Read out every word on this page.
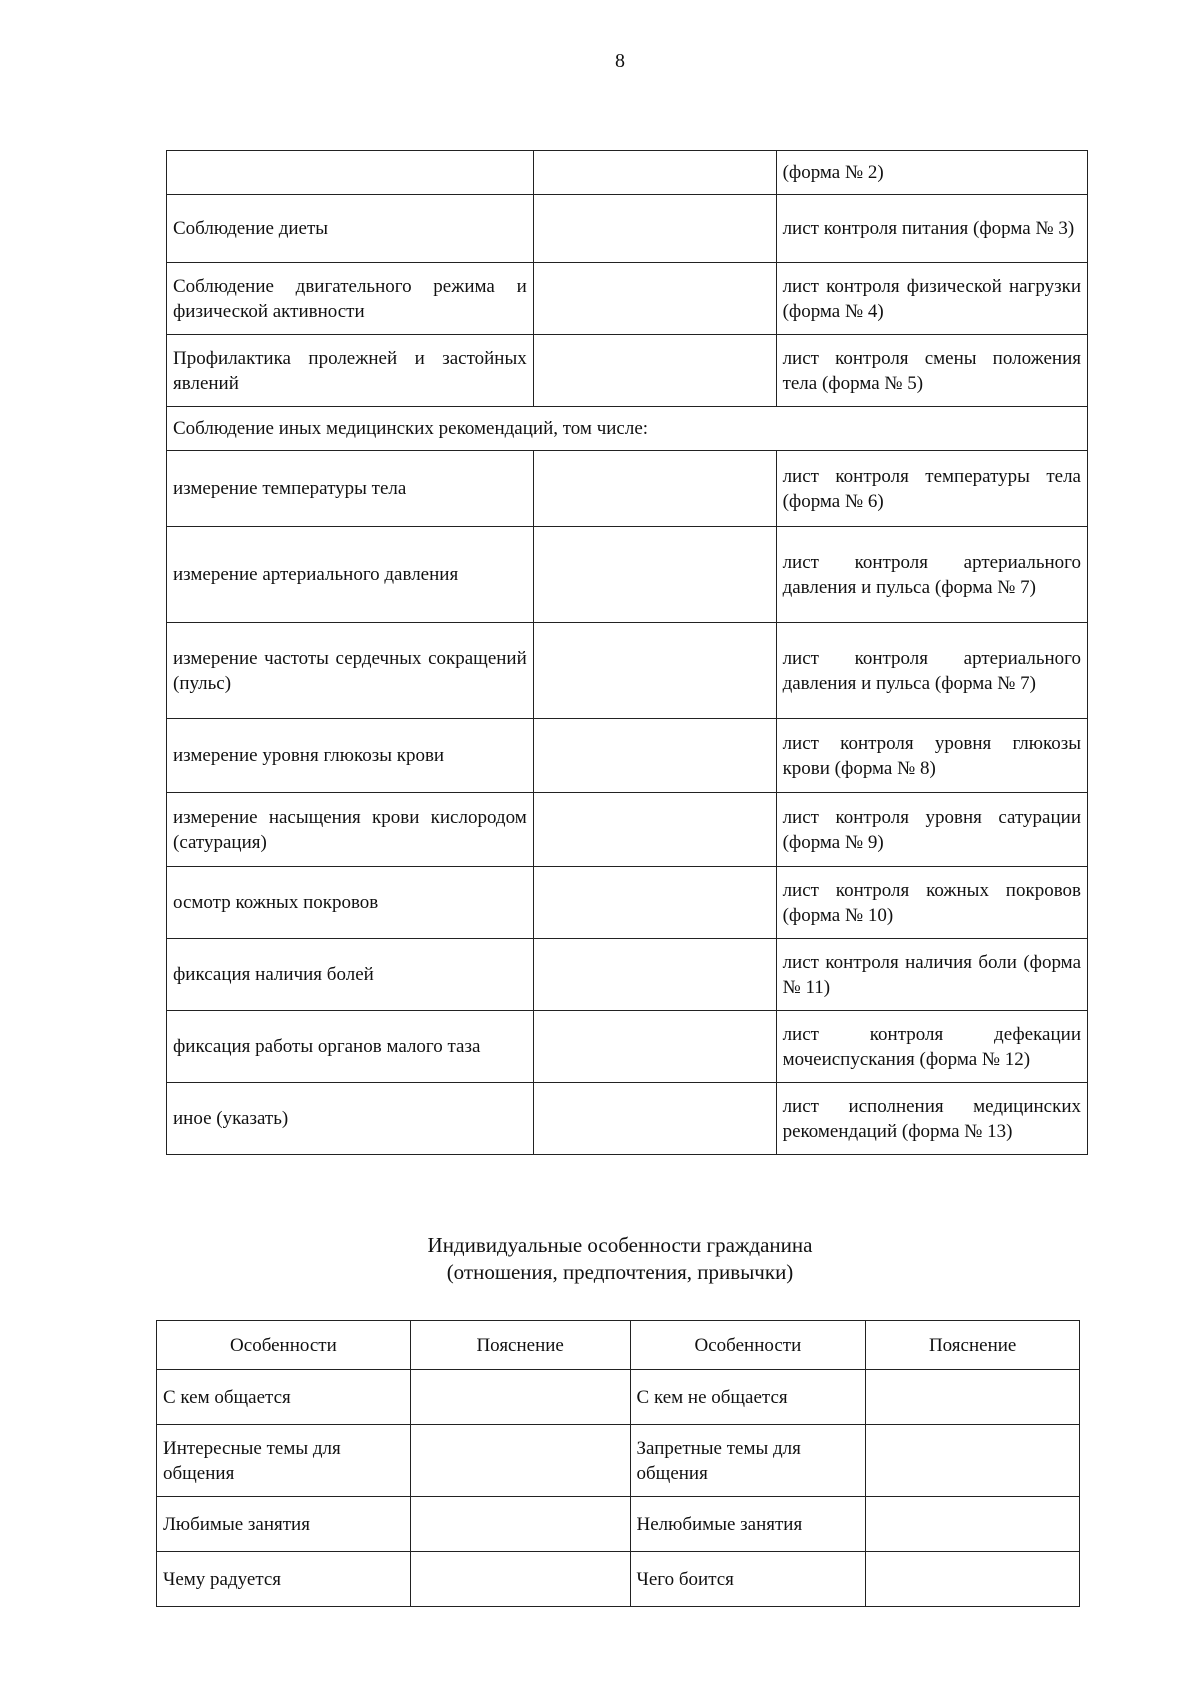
8
		(форма № 2)
Соблюдение диеты		лист контроля питания (форма № 3)
Соблюдение двигательного режима и физической активности		лист контроля физической нагрузки (форма № 4)
Профилактика пролежней и застойных явлений		лист контроля смены положения тела (форма № 5)
Соблюдение иных медицинских рекомендаций, том числе:		
измерение температуры тела		лист контроля температуры тела (форма № 6)
измерение артериального давления		лист контроля артериального давления и пульса (форма № 7)
измерение частоты сердечных сокращений (пульс)		лист контроля артериального давления и пульса (форма № 7)
измерение уровня глюкозы крови		лист контроля уровня глюкозы крови (форма № 8)
измерение насыщения крови кислородом (сатурация)		лист контроля уровня сатурации (форма № 9)
осмотр кожных покровов		лист контроля кожных покровов (форма № 10)
фиксация наличия болей		лист контроля наличия боли (форма № 11)
фиксация работы органов малого таза		лист контроля дефекации мочеиспускания (форма № 12)
иное (указать)		лист исполнения медицинских рекомендаций (форма № 13)
Индивидуальные особенности гражданина
(отношения, предпочтения, привычки)
Особенности	Пояснение	Особенности	Пояснение
С кем общается		С кем не общается	
Интересные темы для общения		Запретные темы для общения	
Любимые занятия		Нелюбимые занятия	
Чему радуется		Чего боится	
